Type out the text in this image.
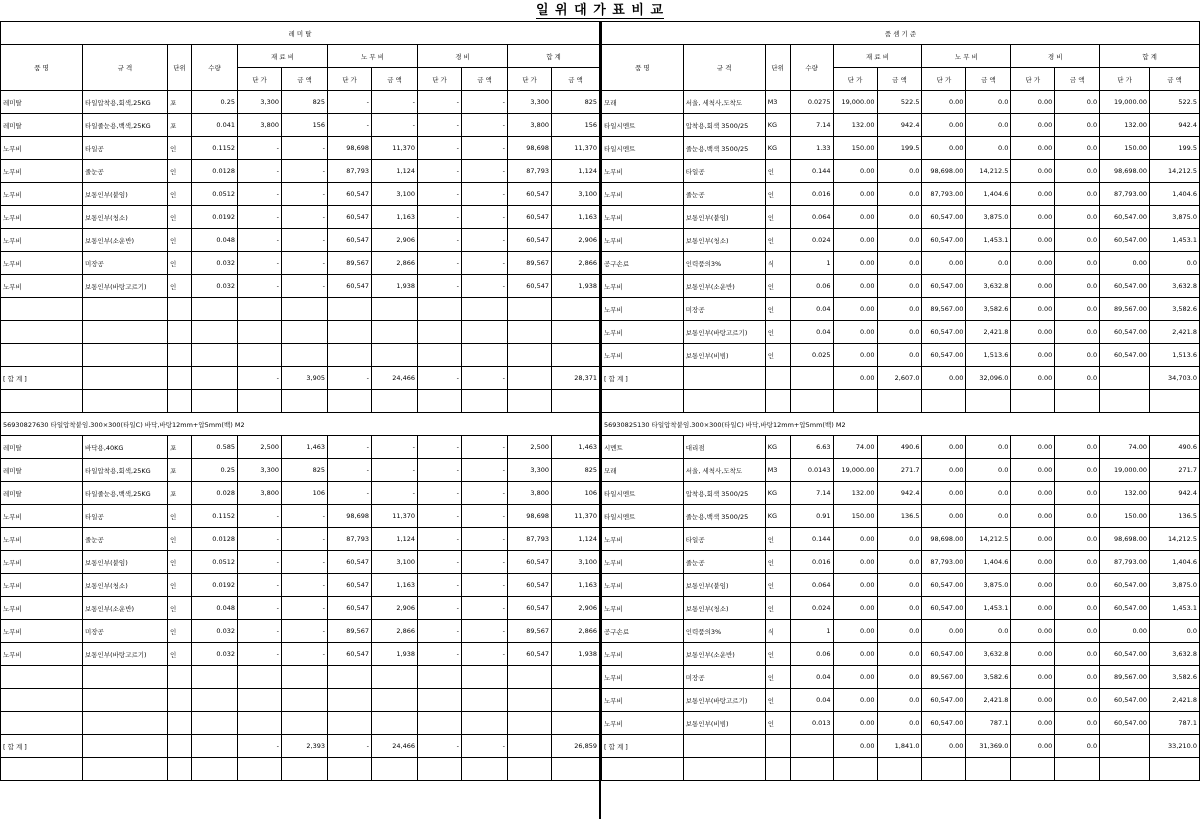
일 위 대 가 표 비 교
레 미 탈											
품 명	규 격	단위	수량	재 료 비		노 무 비		경 비		합 계	
				단 가	금 액	단 가	금 액	단 가	금 액	단 가	금 액
레미탈	타일압착용,회색,25KG	포	0.25	3,300	825	-	-	-	-	3,300	825
레미탈	타일줄눈용,백색,25KG	포	0.041	3,800	156	-	-	-	-	3,800	156
노무비	타일공	인	0.1152	-	-	98,698	11,370	-	-	98,698	11,370
노무비	줄눈공	인	0.0128	-	-	87,793	1,124	-	-	87,793	1,124
노무비	보통인부(붙임)	인	0.0512	-	-	60,547	3,100	-	-	60,547	3,100
노무비	보통인부(청소)	인	0.0192	-	-	60,547	1,163	-	-	60,547	1,163
노무비	보통인부(소운반)	인	0.048	-	-	60,547	2,906	-	-	60,547	2,906
노무비	미장공	인	0.032	-	-	89,567	2,866	-	-	89,567	2,866
노무비	보통인부(바탕고르기)	인	0.032	-	-	60,547	1,938	-	-	60,547	1,938

[ 합 계 ]				-	3,905	-	24,466	-	-		28,371

56930827630 타일압착붙임.300×300(타일C) 바닥,바탕12mm+압5mm(백) M2											
레미탈	바닥용,40KG	포	0.585	2,500	1,463	-	-	-	-	2,500	1,463
레미탈	타일압착용,회색,25KG	포	0.25	3,300	825	-	-	-	-	3,300	825
레미탈	타일줄눈용,백색,25KG	포	0.028	3,800	106	-	-	-	-	3,800	106
노무비	타일공	인	0.1152	-	-	98,698	11,370	-	-	98,698	11,370
노무비	줄눈공	인	0.0128	-	-	87,793	1,124	-	-	87,793	1,124
노무비	보통인부(붙임)	인	0.0512	-	-	60,547	3,100	-	-	60,547	3,100
노무비	보통인부(청소)	인	0.0192	-	-	60,547	1,163	-	-	60,547	1,163
노무비	보통인부(소운반)	인	0.048	-	-	60,547	2,906	-	-	60,547	2,906
노무비	미장공	인	0.032	-	-	89,567	2,866	-	-	89,567	2,866
노무비	보통인부(바탕고르기)	인	0.032	-	-	60,547	1,938	-	-	60,547	1,938

[ 합 계 ]				-	2,393	-	24,466	-	-		26,859

품 셈 기 준											
품 명	규 격	단위	수량	재 료 비		노 무 비		경 비		합 계	
				단 가	금 액	단 가	금 액	단 가	금 액	단 가	금 액
모래	서울, 세척사,도착도	M3	0.0275	19,000.00	522.5	0.00	0.0	0.00	0.0	19,000.00	522.5
타일시멘트	압착용,회색 3500/25	KG	7.14	132.00	942.4	0.00	0.0	0.00	0.0	132.00	942.4
타일시멘트	줄눈용,백색 3500/25	KG	1.33	150.00	199.5	0.00	0.0	0.00	0.0	150.00	199.5
노무비	타일공	인	0.144	0.00	0.0	98,698.00	14,212.5	0.00	0.0	98,698.00	14,212.5
노무비	줄눈공	인	0.016	0.00	0.0	87,793.00	1,404.6	0.00	0.0	87,793.00	1,404.6
노무비	보통인부(붙임)	인	0.064	0.00	0.0	60,547.00	3,875.0	0.00	0.0	60,547.00	3,875.0
노무비	보통인부(청소)	인	0.024	0.00	0.0	60,547.00	1,453.1	0.00	0.0	60,547.00	1,453.1
공구손료	인력품의3%	식	1	0.00	0.0	0.00	0.0	0.00	0.0	0.00	0.0
노무비	보통인부(소운반)	인	0.06	0.00	0.0	60,547.00	3,632.8	0.00	0.0	60,547.00	3,632.8
노무비	미장공	인	0.04	0.00	0.0	89,567.00	3,582.6	0.00	0.0	89,567.00	3,582.6
노무비	보통인부(바탕고르기)	인	0.04	0.00	0.0	60,547.00	2,421.8	0.00	0.0	60,547.00	2,421.8
노무비	보통인부(비빔)	인	0.025	0.00	0.0	60,547.00	1,513.6	0.00	0.0	60,547.00	1,513.6
[ 합 계 ]				0.00	2,607.0	0.00	32,096.0	0.00	0.0		34,703.0

56930825130 타일압착붙임.300×300(타일C) 바닥,바탕12mm+압5mm(백) M2											
시멘트	대리점	KG	6.63	74.00	490.6	0.00	0.0	0.00	0.0	74.00	490.6
모래	서울, 세척사,도착도	M3	0.0143	19,000.00	271.7	0.00	0.0	0.00	0.0	19,000.00	271.7
타일시멘트	압착용,회색 3500/25	KG	7.14	132.00	942.4	0.00	0.0	0.00	0.0	132.00	942.4
타일시멘트	줄눈용,백색 3500/25	KG	0.91	150.00	136.5	0.00	0.0	0.00	0.0	150.00	136.5
노무비	타일공	인	0.144	0.00	0.0	98,698.00	14,212.5	0.00	0.0	98,698.00	14,212.5
노무비	줄눈공	인	0.016	0.00	0.0	87,793.00	1,404.6	0.00	0.0	87,793.00	1,404.6
노무비	보통인부(붙임)	인	0.064	0.00	0.0	60,547.00	3,875.0	0.00	0.0	60,547.00	3,875.0
노무비	보통인부(청소)	인	0.024	0.00	0.0	60,547.00	1,453.1	0.00	0.0	60,547.00	1,453.1
공구손료	인력품의3%	식	1	0.00	0.0	0.00	0.0	0.00	0.0	0.00	0.0
노무비	보통인부(소운반)	인	0.06	0.00	0.0	60,547.00	3,632.8	0.00	0.0	60,547.00	3,632.8
노무비	미장공	인	0.04	0.00	0.0	89,567.00	3,582.6	0.00	0.0	89,567.00	3,582.6
노무비	보통인부(바탕고르기)	인	0.04	0.00	0.0	60,547.00	2,421.8	0.00	0.0	60,547.00	2,421.8
노무비	보통인부(비빔)	인	0.013	0.00	0.0	60,547.00	787.1	0.00	0.0	60,547.00	787.1
[ 합 계 ]				0.00	1,841.0	0.00	31,369.0	0.00	0.0		33,210.0
